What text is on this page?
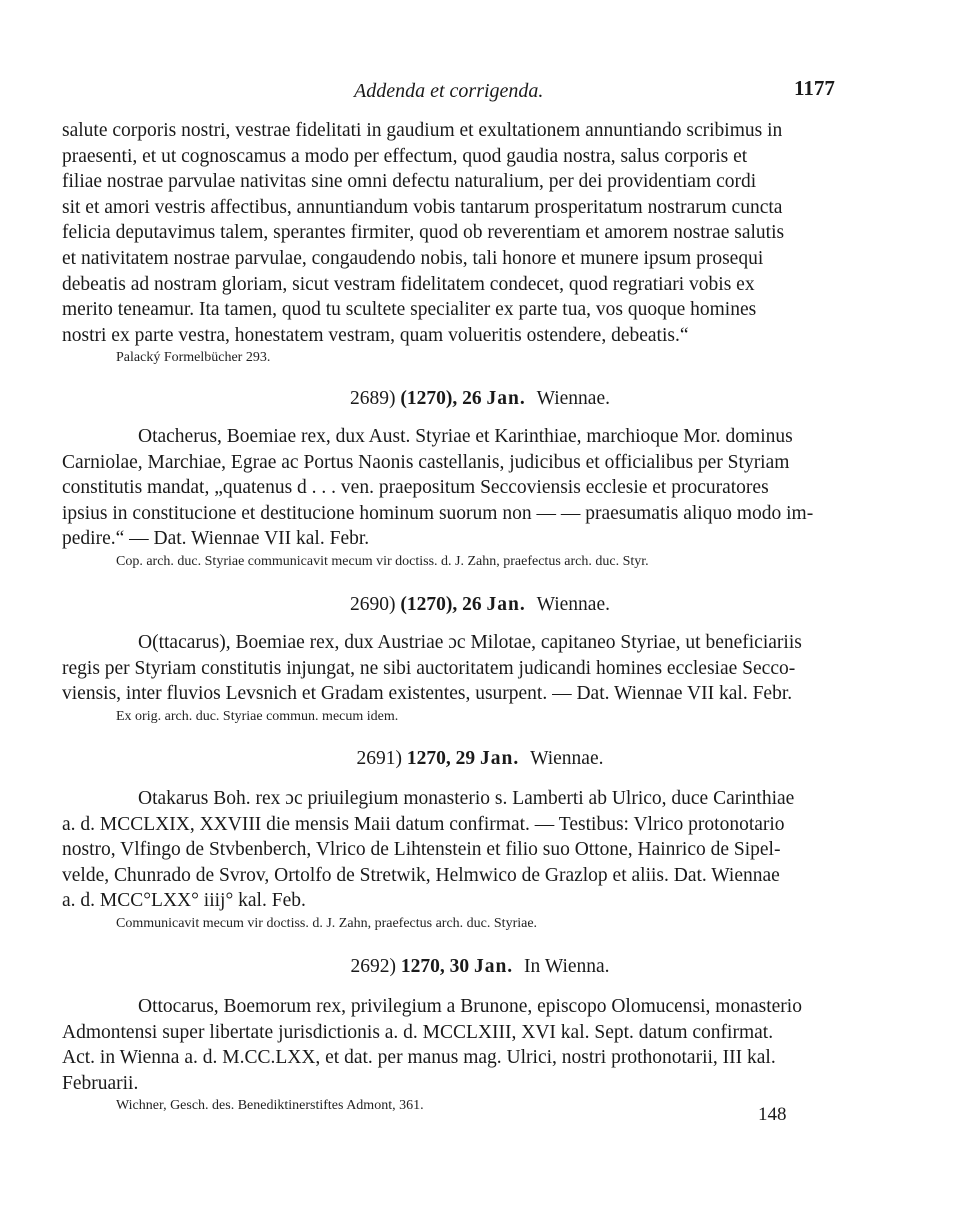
Addenda et corrigenda.	1177
salute corporis nostri, vestrae fidelitati in gaudium et exultationem annuntiando scribimus in
praesenti, et ut cognoscamus a modo per effectum, quod gaudia nostra, salus corporis et
filiae nostrae parvulae nativitas sine omni defectu naturalium, per dei providentiam cordi
sit et amori vestris affectibus, annuntiandum vobis tantarum prosperitatum nostrarum cuncta
felicia deputavimus talem, sperantes firmiter, quod ob reverentiam et amorem nostrae salutis
et nativitatem nostrae parvulae, congaudendo nobis, tali honore et munere ipsum prosequi
debeatis ad nostram gloriam, sicut vestram fidelitatem condecet, quod regratiari vobis ex
merito teneamur. Ita tamen, quod tu scultete specialiter ex parte tua, vos quoque homines
nostri ex parte vestra, honestatem vestram, quam volueritis ostendere, debeatis.“
Palacký Formelbücher 293.
2689) (1270), 26 Jan. Wiennae.
Otacherus, Boemiae rex, dux Aust. Styriae et Karinthiae, marchioque Mor. dominus
Carniolae, Marchiae, Egrae ac Portus Naonis castellanis, judicibus et officialibus per Styriam
constitutis mandat, „quatenus d . . . ven. praepositum Seccoviensis ecclesie et procuratores
ipsius in constitucione et destitucione hominum suorum non — — praesumatis aliquo modo im-
pedire.“ — Dat. Wiennae VII kal. Febr.
Cop. arch. duc. Styriae communicavit mecum vir doctiss. d. J. Zahn, praefectus arch. duc. Styr.
2690) (1270), 26 Jan. Wiennae.
O(ttacarus), Boemiae rex, dux Austriae ɔc Milotae, capitaneo Styriae, ut beneficiariis
regis per Styriam constitutis injungat, ne sibi auctoritatem judicandi homines ecclesiae Secco-
viensis, inter fluvios Levsnich et Gradam existentes, usurpent. — Dat. Wiennae VII kal. Febr.
Ex orig. arch. duc. Styriae commun. mecum idem.
2691) 1270, 29 Jan. Wiennae.
Otakarus Boh. rex ɔc priuilegium monasterio s. Lamberti ab Ulrico, duce Carinthiae
a. d. MCCLXIX, XXVIII die mensis Maii datum confirmat. — Testibus: Vlrico protonotario
nostro, Vlfingo de Stvbenberch, Vlrico de Lihtenstein et filio suo Ottone, Hainrico de Sipel-
velde, Chunrado de Svrov, Ortolfo de Stretwik, Helmwico de Grazlop et aliis. Dat. Wiennae
a. d. MCC°LXX° iiij° kal. Feb.
Communicavit mecum vir doctiss. d. J. Zahn, praefectus arch. duc. Styriae.
2692) 1270, 30 Jan. In Wienna.
Ottocarus, Boemorum rex, privilegium a Brunone, episcopo Olomucensi, monasterio
Admontensi super libertate jurisdictionis a. d. MCCLXIII, XVI kal. Sept. datum confirmat.
Act. in Wienna a. d. M.CC.LXX, et dat. per manus mag. Ulrici, nostri prothonotarii, III kal.
Februarii.
Wichner, Gesch. des. Benediktinerstiftes Admont, 361.	148
